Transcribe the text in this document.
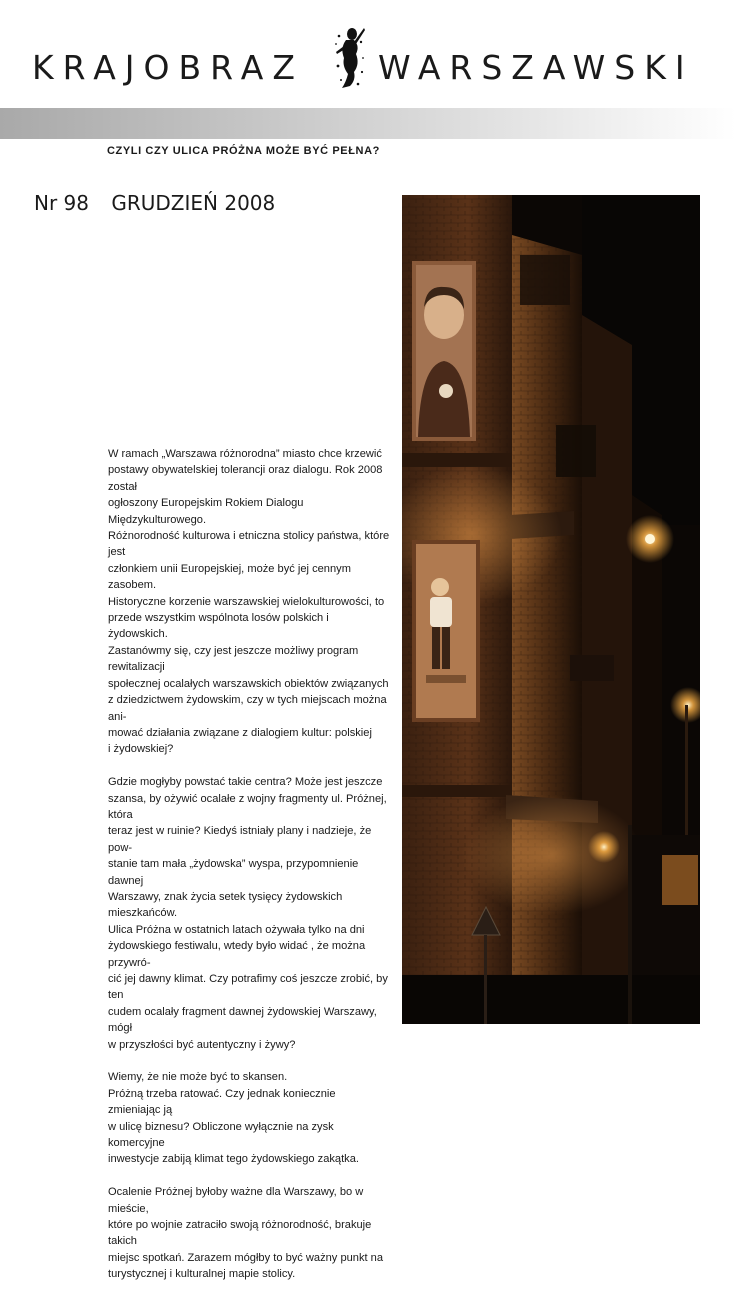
KRAJOBRAZ WARSZAWSKI
CZYLI CZY ULICA PRÓŻNA MOŻE BYĆ PEŁNA?
Nr 98 GRUDZIEŃ 2008

W ramach „Warszawa różnorodna” miasto chce krzewić
postawy obywatelskiej tolerancji oraz dialogu. Rok 2008 został
ogłoszony Europejskim Rokiem Dialogu Międzykulturowego.
Różnorodność kulturowa i etniczna stolicy państwa, które jest
członkiem unii Europejskiej, może być jej cennym zasobem.
Historyczne korzenie warszawskiej wielokulturowości, to
przede wszystkim wspólnota losów polskich i żydowskich.
Zastanówmy się, czy jest jeszcze możliwy program rewitalizacji
społecznej ocalałych warszawskich obiektów związanych
z dziedzictwem żydowskim, czy w tych miejscach można ani-
mować działania związane z dialogiem kultur: polskiej
i żydowskiej?

Gdzie mogłyby powstać takie centra? Może jest jeszcze
szansa, by ożywić ocalałe z wojny fragmenty ul. Próżnej, która
teraz jest w ruinie? Kiedyś istniały plany i nadzieje, że pow-
stanie tam mała „żydowska” wyspa, przypomnienie dawnej
Warszawy, znak życia setek tysięcy żydowskich mieszkańców.
Ulica Próżna w ostatnich latach ożywała tylko na dni
żydowskiego festiwalu, wtedy było widać , że można przywró-
cić jej dawny klimat. Czy potrafimy coś jeszcze zrobić, by ten
cudem ocalały fragment dawnej żydowskiej Warszawy, mógł
w przyszłości być autentyczny i żywy?

Wiemy, że nie może być to skansen.
Próżną trzeba ratować. Czy jednak koniecznie zmieniając ją
w ulicę biznesu? Obliczone wyłącznie na zysk komercyjne
inwestycje zabiją klimat tego żydowskiego zakątka.

Ocalenie Próżnej byłoby ważne dla Warszawy, bo w mieście,
które po wojnie zatraciło swoją różnorodność, brakuje takich
miejsc spotkań. Zarazem mógłby to być ważny punkt na
turystycznej i kulturalnej mapie stolicy.
